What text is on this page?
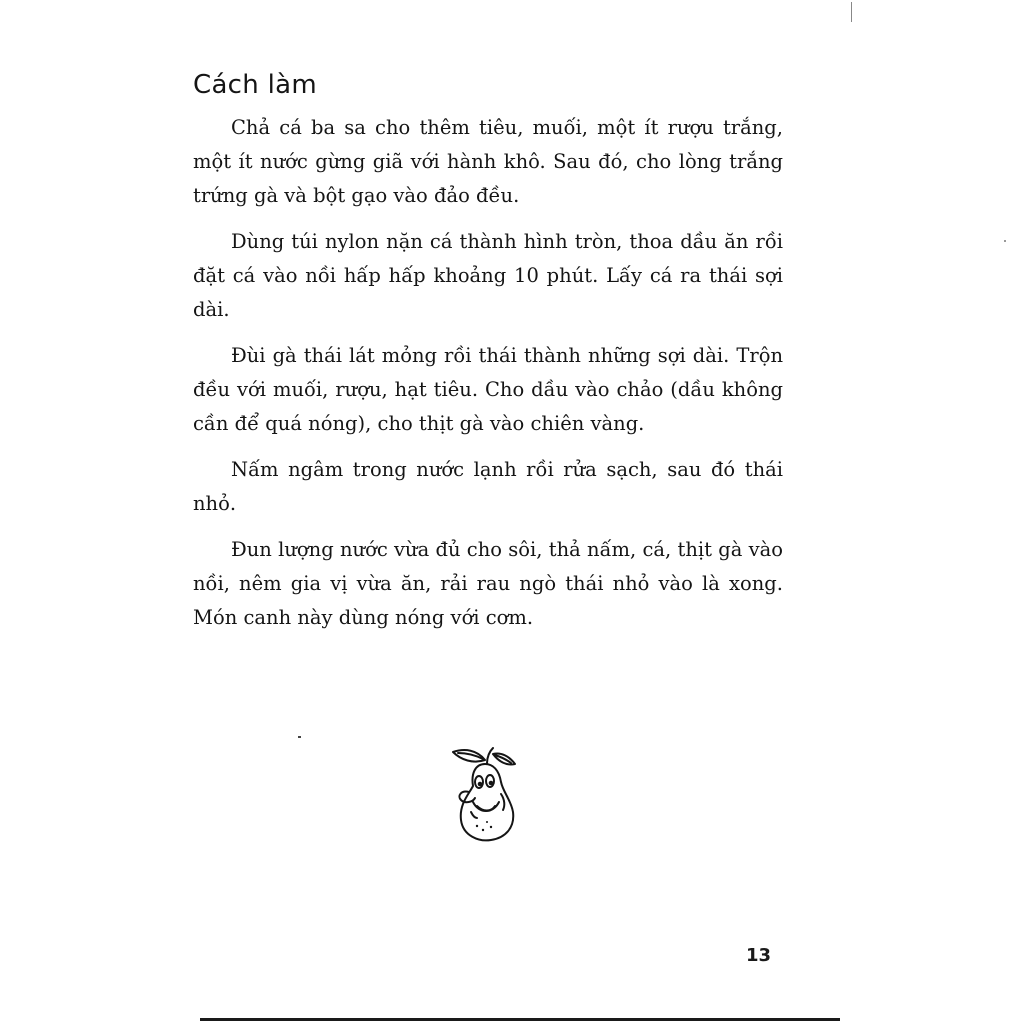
Cách làm

Chả cá ba sa cho thêm tiêu, muối, một ít rượu trắng, một ít nước gừng giã với hành khô. Sau đó, cho lòng trắng trứng gà và bột gạo vào đảo đều.

Dùng túi nylon nặn cá thành hình tròn, thoa dầu ăn rồi đặt cá vào nồi hấp hấp khoảng 10 phút. Lấy cá ra thái sợi dài.

Đùi gà thái lát mỏng rồi thái thành những sợi dài. Trộn đều với muối, rượu, hạt tiêu. Cho dầu vào chảo (dầu không cần để quá nóng), cho thịt gà vào chiên vàng.

Nấm ngâm trong nước lạnh rồi rửa sạch, sau đó thái nhỏ.

Đun lượng nước vừa đủ cho sôi, thả nấm, cá, thịt gà vào nồi, nêm gia vị vừa ăn, rải rau ngò thái nhỏ vào là xong. Món canh này dùng nóng với cơm.

13
